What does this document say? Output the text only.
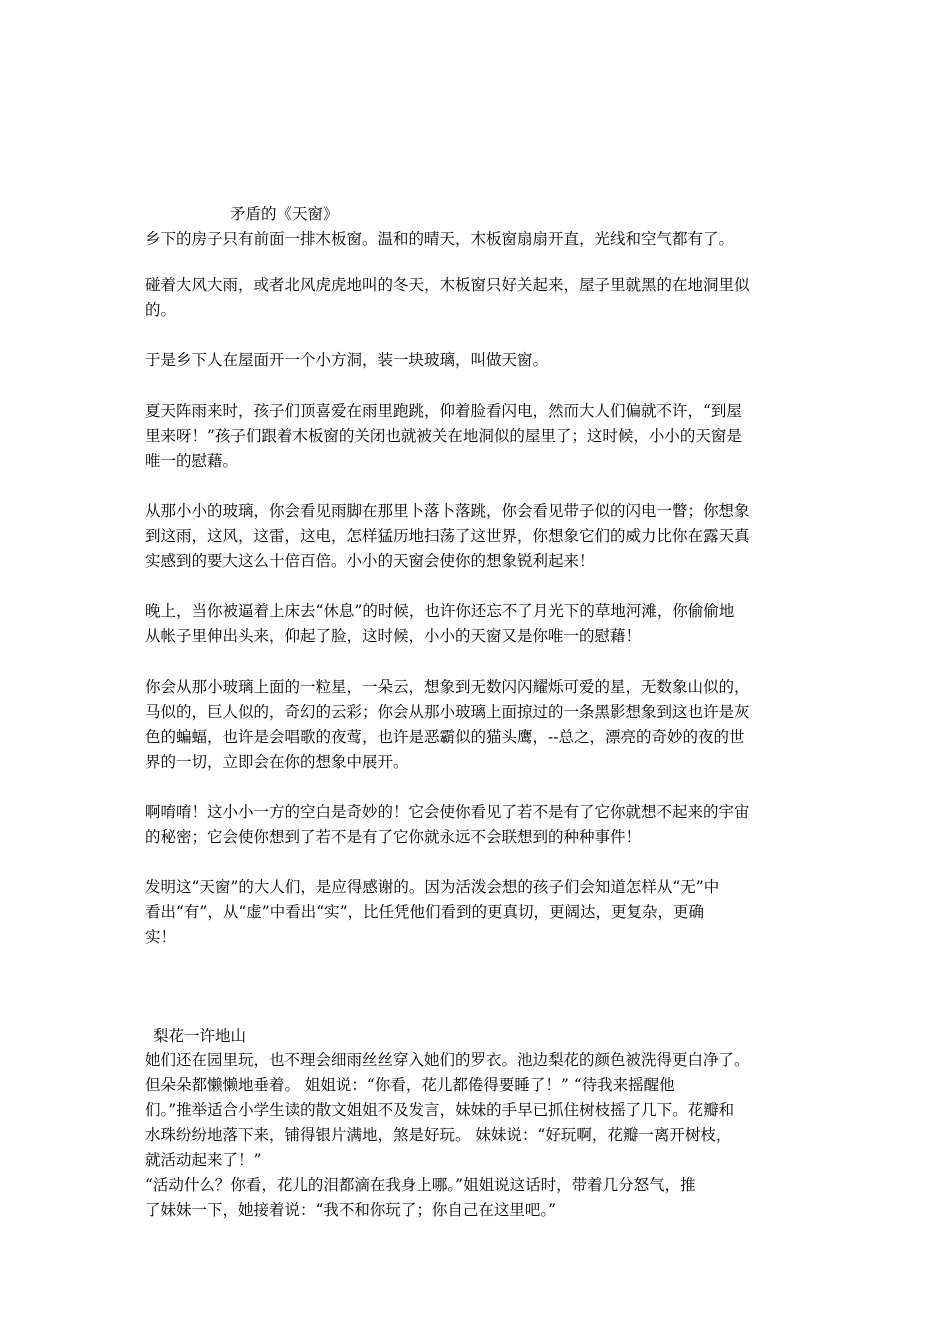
矛盾的《天窗》
乡下的房子只有前面一排木板窗。温和的晴天，木板窗扇扇开直，光线和空气都有了。
碰着大风大雨，或者北风虎虎地叫的冬天，木板窗只好关起来，屋子里就黑的在地洞里似
的。
于是乡下人在屋面开一个小方洞，装一块玻璃，叫做天窗。
夏天阵雨来时，孩子们顶喜爱在雨里跑跳，仰着脸看闪电，然而大人们偏就不许，“到屋
里来呀！”孩子们跟着木板窗的关闭也就被关在地洞似的屋里了；这时候，小小的天窗是
唯一的慰藉。
从那小小的玻璃，你会看见雨脚在那里卜落卜落跳，你会看见带子似的闪电一瞥；你想象
到这雨，这风，这雷，这电，怎样猛历地扫荡了这世界，你想象它们的威力比你在露天真
实感到的要大这么十倍百倍。小小的天窗会使你的想象锐利起来！
晚上，当你被逼着上床去“休息”的时候，也许你还忘不了月光下的草地河滩，你偷偷地
从帐子里伸出头来，仰起了脸，这时候，小小的天窗又是你唯一的慰藉！
你会从那小玻璃上面的一粒星，一朵云，想象到无数闪闪耀烁可爱的星，无数象山似的，
马似的，巨人似的，奇幻的云彩；你会从那小玻璃上面掠过的一条黑影想象到这也许是灰
色的蝙蝠，也许是会唱歌的夜莺，也许是恶霸似的猫头鹰，--总之，漂亮的奇妙的夜的世
界的一切，立即会在你的想象中展开。
啊唷唷！这小小一方的空白是奇妙的！它会使你看见了若不是有了它你就想不起来的宇宙
的秘密；它会使你想到了若不是有了它你就永远不会联想到的种种事件！
发明这“天窗”的大人们，是应得感谢的。因为活泼会想的孩子们会知道怎样从“无”中
看出“有”，从“虚”中看出“实”，比任凭他们看到的更真切，更阔达，更复杂，更确
实！
梨花一许地山
她们还在园里玩，也不理会细雨丝丝穿入她们的罗衣。池边梨花的颜色被洗得更白净了。
但朵朵都懒懒地垂着。 姐姐说：“你看，花儿都倦得要睡了！” “待我来摇醒他
们。”推举适合小学生读的散文姐姐不及发言，妹妹的手早已抓住树枝摇了几下。花瓣和
水珠纷纷地落下来，铺得银片满地，煞是好玩。 妹妹说：“好玩啊，花瓣一离开树枝，
就活动起来了！”
“活动什么？你看，花儿的泪都滴在我身上哪。”姐姐说这话时，带着几分怒气，推
了妹妹一下，她接着说：“我不和你玩了；你自己在这里吧。”
